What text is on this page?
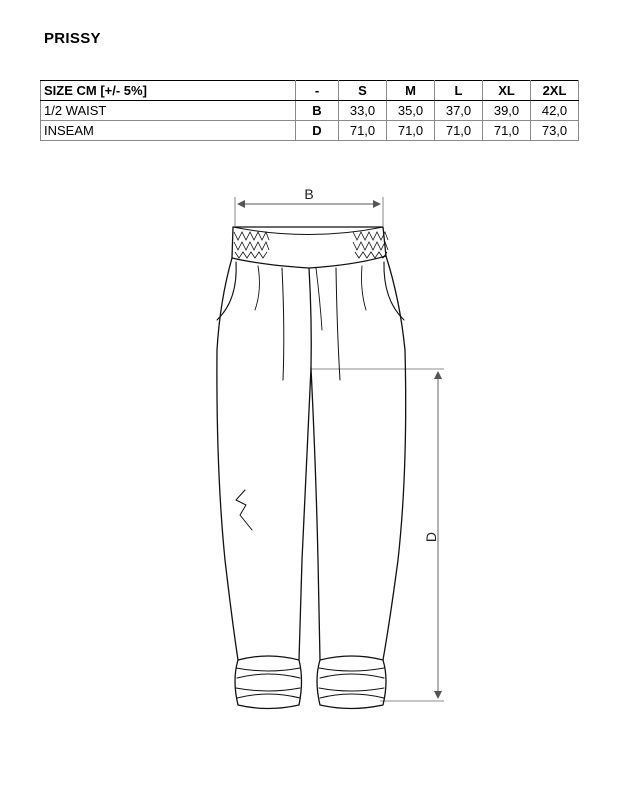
PRISSY
SIZE CM [+/- 5%]	-	S	M	L	XL	2XL
1/2 WAIST	B	33,0	35,0	37,0	39,0	42,0
INSEAM	D	71,0	71,0	71,0	71,0	73,0
B
D
